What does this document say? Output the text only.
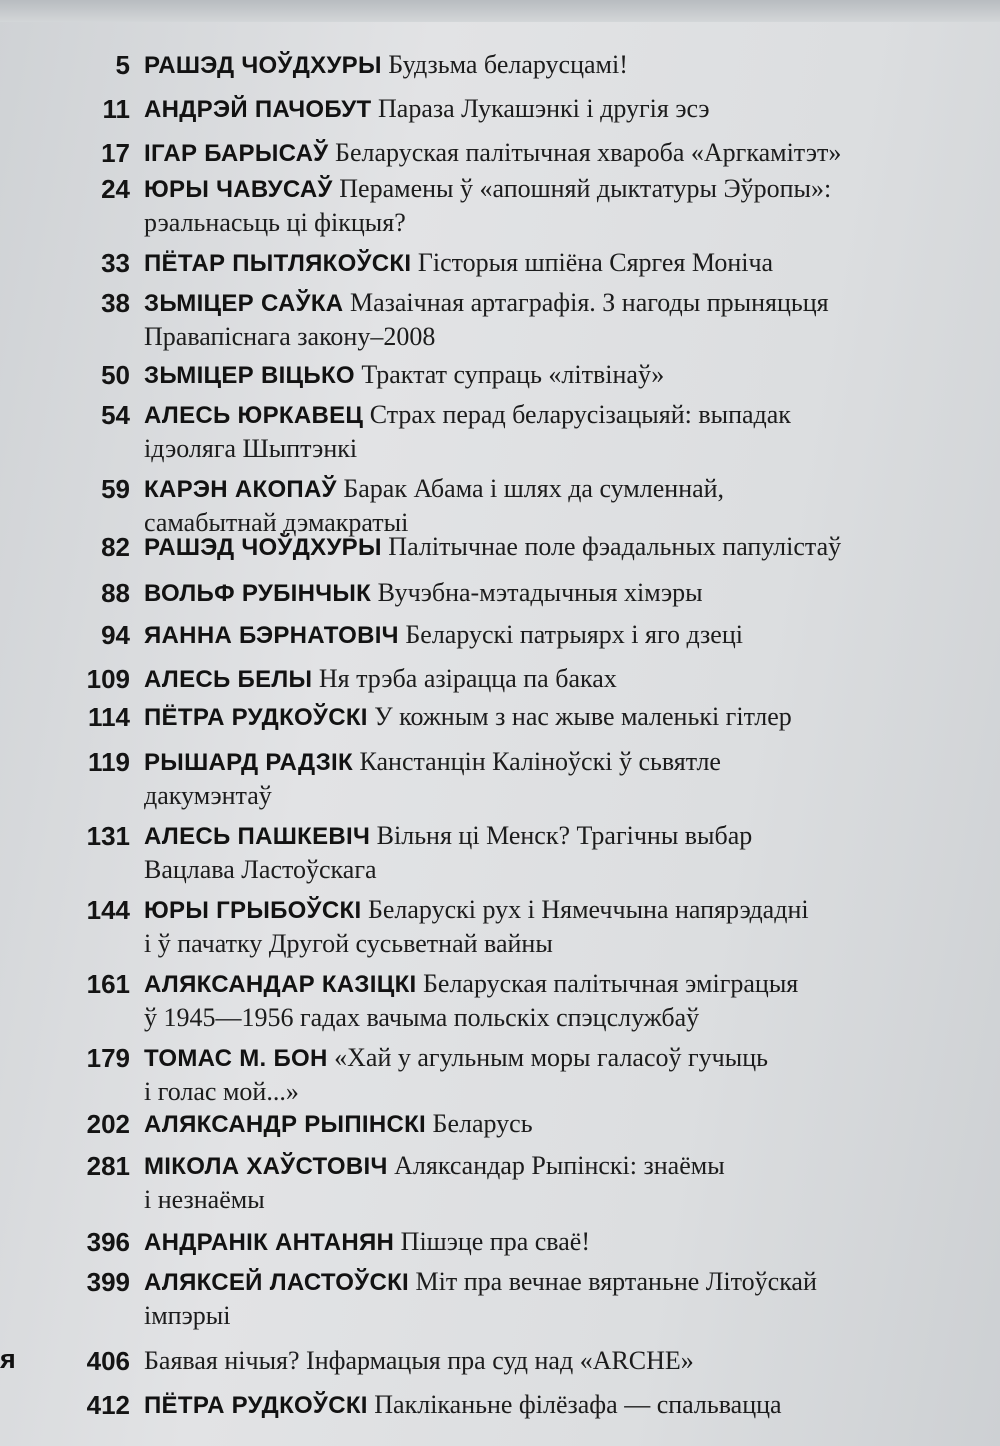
я
5 РАШЭД ЧОЎДХУРЫ Будзьма беларусцамі!
11 АНДРЭЙ ПАЧОБУТ Параза Лукашэнкі і другія эсэ
17 ІГАР БАРЫСАЎ Беларуская палітычная хвароба «Аргкамітэт»
24 ЮРЫ ЧАВУСАЎ Перамены ў «апошняй дыктатуры Эўропы»:
рэальнасьць ці фікцыя?
33 ПЁТАР ПЫТЛЯКОЎСКІ Гісторыя шпіёна Сяргея Моніча
38 ЗЬМІЦЕР САЎКА Мазаічная артаграфія. З нагоды прыняцьця
Правапіснага закону–2008
50 ЗЬМІЦЕР ВІЦЬКО Трактат супраць «літвінаў»
54 АЛЕСЬ ЮРКАВЕЦ Страх перад беларусізацыяй: выпадак
ідэоляга Шыптэнкі
59 КАРЭН АКОПАЎ Барак Абама і шлях да сумленнай,
самабытнай дэмакратыі
82 РАШЭД ЧОЎДХУРЫ Палітычнае поле фэадальных папулістаў
88 ВОЛЬФ РУБІНЧЫК Вучэбна-мэтадычныя хімэры
94 ЯАННА БЭРНАТОВІЧ Беларускі патрыярх і яго дзеці
109 АЛЕСЬ БЕЛЫ Ня трэба азірацца па баках
114 ПЁТРА РУДКОЎСКІ У кожным з нас жыве маленькі гітлер
119 РЫШАРД РАДЗІК Канстанцін Каліноўскі ў сьвятле
дакумэнтаў
131 АЛЕСЬ ПАШКЕВІЧ Вільня ці Менск? Трагічны выбар
Вацлава Ластоўскага
144 ЮРЫ ГРЫБОЎСКІ Беларускі рух і Нямеччына напярэдадні
і ў пачатку Другой сусьветнай вайны
161 АЛЯКСАНДАР КАЗІЦКІ Беларуская палітычная эміграцыя
ў 1945—1956 гадах вачыма польскіх спэцслужбаў
179 ТОМАС М. БОН «Хай у агульным моры галасоў гучыць
і голас мой...»
202 АЛЯКСАНДР РЫПІНСКІ Беларусь
281 МІКОЛА ХАЎСТОВІЧ Аляксандар Рыпінскі: знаёмы
і незнаёмы
396 АНДРАНІК АНТАНЯН Пішэце пра сваё!
399 АЛЯКСЕЙ ЛАСТОЎСКІ Міт пра вечнае вяртаньне Літоўскай
імпэрыі
406 Баявая нічыя? Інфармацыя пра суд над «ARCHE»
412 ПЁТРА РУДКОЎСКІ Пакліканьне філёзафа — спальваццa
